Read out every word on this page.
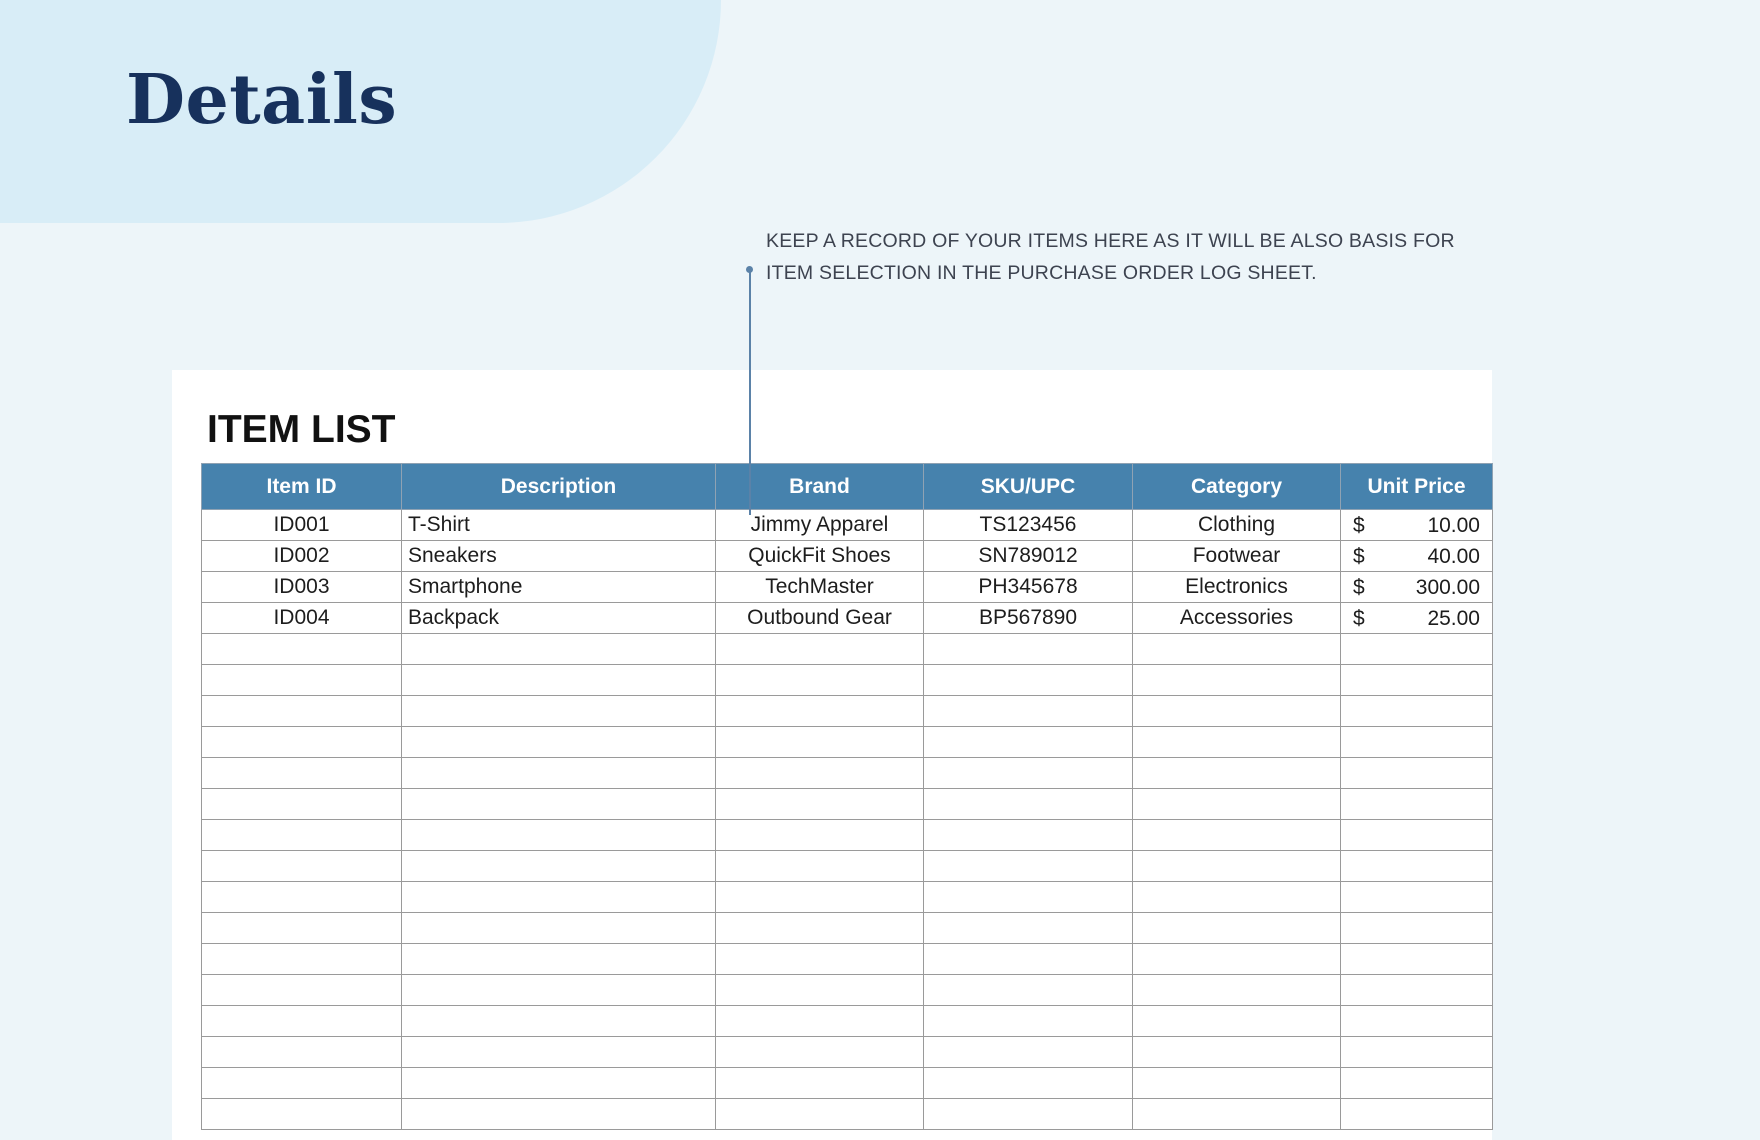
Details
KEEP A RECORD OF YOUR ITEMS HERE AS IT WILL BE ALSO BASIS FOR ITEM SELECTION IN THE PURCHASE ORDER LOG SHEET.
ITEM LIST
Item ID	Description	Brand	SKU/UPC	Category	Unit Price
ID001	T-Shirt	Jimmy Apparel	TS123456	Clothing	$ 10.00

ID002	Sneakers	QuickFit Shoes	SN789012	Footwear	$ 40.00

ID003	Smartphone	TechMaster	PH345678	Electronics	$ 300.00

ID004	Backpack	Outbound Gear	BP567890	Accessories	$ 25.00
